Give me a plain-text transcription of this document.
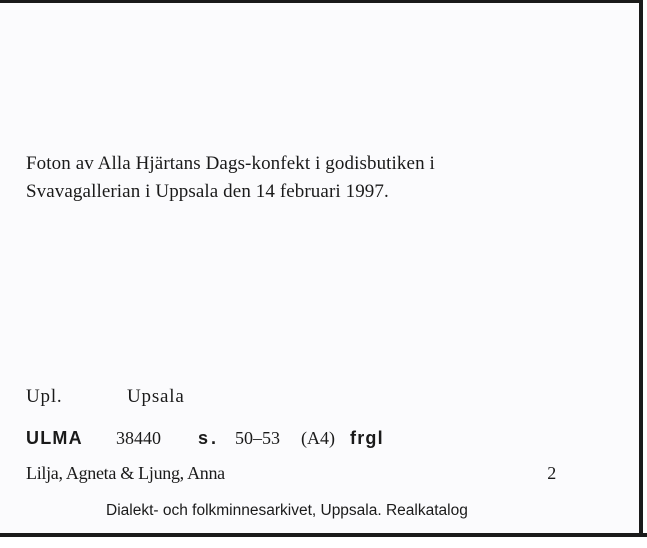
Foton av Alla Hjärtans Dags-konfekt i godisbutiken i
Svavagallerian i Uppsala den 14 februari 1997.
Upl.	Upsala
ULMA 38440 s. 50–53 (A4) frgl
Lilja, Agneta & Ljung, Anna	2
Dialekt- och folkminnesarkivet, Uppsala. Realkatalog
